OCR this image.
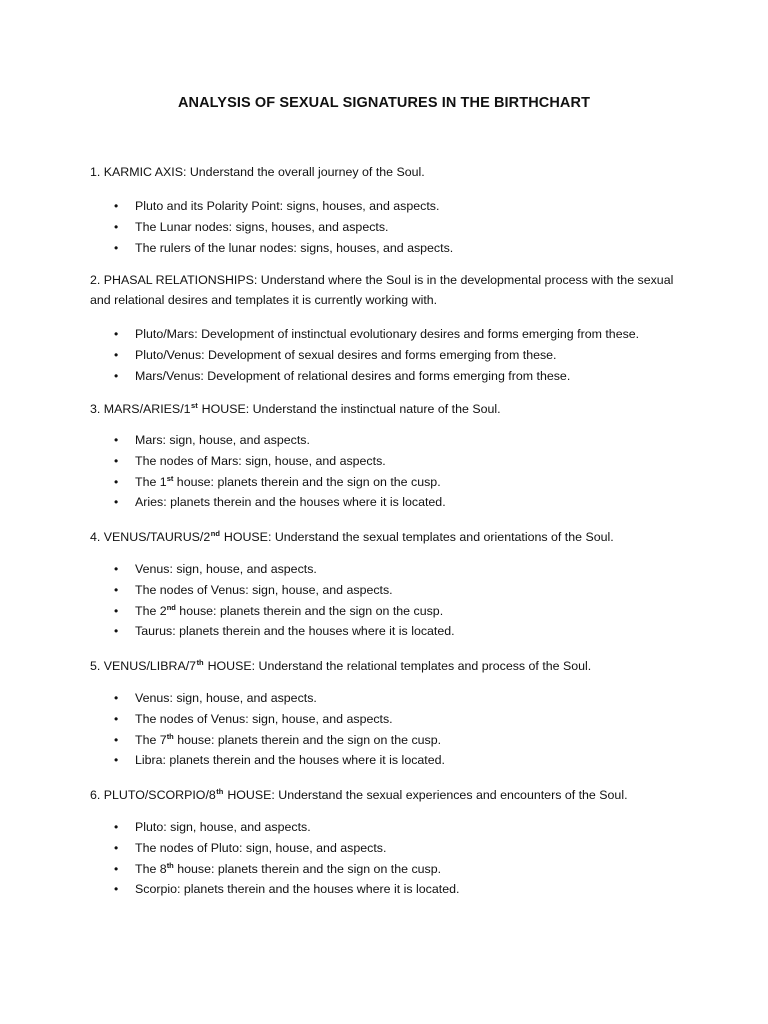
ANALYSIS OF SEXUAL SIGNATURES IN THE BIRTHCHART

1. KARMIC AXIS: Understand the overall journey of the Soul.

• Pluto and its Polarity Point: signs, houses, and aspects.
• The Lunar nodes: signs, houses, and aspects.
• The rulers of the lunar nodes: signs, houses, and aspects.

2. PHASAL RELATIONSHIPS: Understand where the Soul is in the developmental process with the sexual and relational desires and templates it is currently working with.

• Pluto/Mars: Development of instinctual evolutionary desires and forms emerging from these.
• Pluto/Venus: Development of sexual desires and forms emerging from these.
• Mars/Venus: Development of relational desires and forms emerging from these.

3. MARS/ARIES/1st HOUSE: Understand the instinctual nature of the Soul.

• Mars: sign, house, and aspects.
• The nodes of Mars: sign, house, and aspects.
• The 1st house: planets therein and the sign on the cusp.
• Aries: planets therein and the houses where it is located.

4. VENUS/TAURUS/2nd HOUSE: Understand the sexual templates and orientations of the Soul.

• Venus: sign, house, and aspects.
• The nodes of Venus: sign, house, and aspects.
• The 2nd house: planets therein and the sign on the cusp.
• Taurus: planets therein and the houses where it is located.

5. VENUS/LIBRA/7th HOUSE: Understand the relational templates and process of the Soul.

• Venus: sign, house, and aspects.
• The nodes of Venus: sign, house, and aspects.
• The 7th house: planets therein and the sign on the cusp.
• Libra: planets therein and the houses where it is located.

6. PLUTO/SCORPIO/8th HOUSE: Understand the sexual experiences and encounters of the Soul.

• Pluto: sign, house, and aspects.
• The nodes of Pluto: sign, house, and aspects.
• The 8th house: planets therein and the sign on the cusp.
• Scorpio: planets therein and the houses where it is located.
